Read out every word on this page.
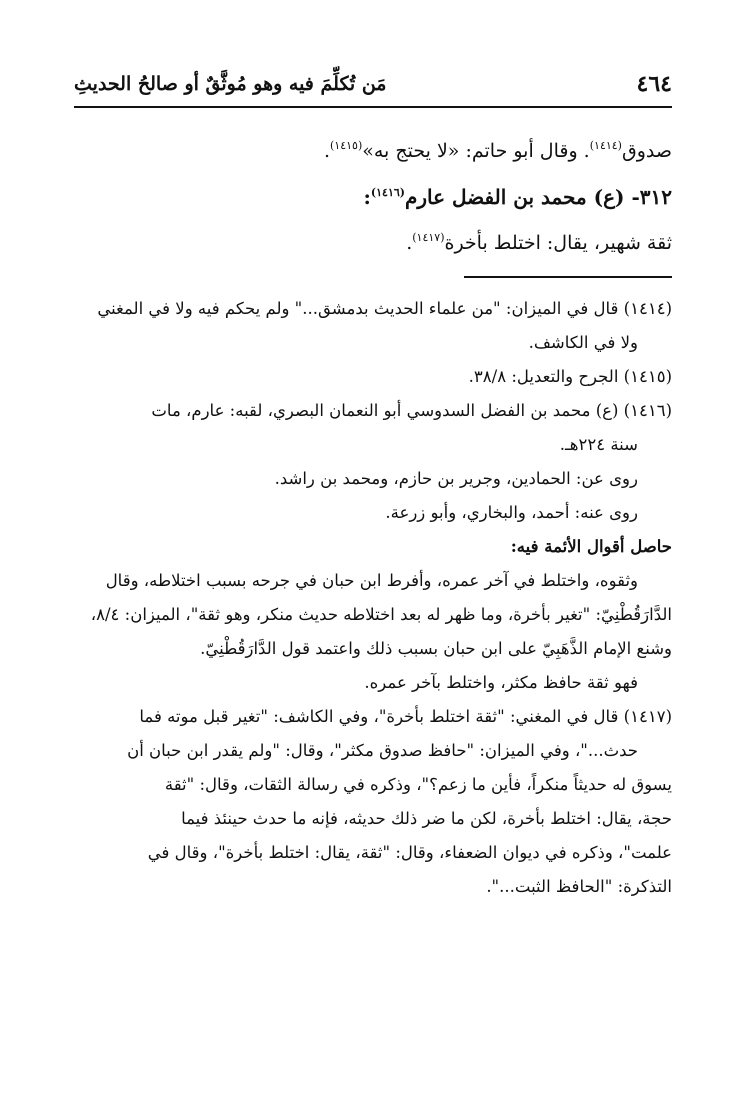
٤٦٤
مَن تُكلِّمَ فيه وهو مُوثَّقٌ أو صالحُ الحديثِ

صدوق$^{(١٤١٤)}$. وقال أبو حاتم: «لا يحتج به»$^{(١٤١٥)}$.

٣١٢- (ع) محمد بن الفضل عارم$^{(١٤١٦)}$:

ثقة شهير، يقال: اختلط بأخرة$^{(١٤١٧)}$.

(١٤١٤) قال في الميزان: "من علماء الحديث بدمشق..." ولم يحكم فيه ولا في المغني

ولا في الكاشف.

(١٤١٥) الجرح والتعديل: ٣٨/٨.

(١٤١٦) (ع) محمد بن الفضل السدوسي أبو النعمان البصري، لقبه: عارم، مات

سنة ٢٢٤هـ.

روى عن: الحمادين، وجرير بن حازم، ومحمد بن راشد.

روى عنه: أحمد، والبخاري، وأبو زرعة.

حاصل أقوال الأئمة فيه:

وثقوه، واختلط في آخر عمره، وأفرط ابن حبان في جرحه بسبب اختلاطه، وقال

الدَّارَقُطْنِيّ: "تغير بأخرة، وما ظهر له بعد اختلاطه حديث منكر، وهو ثقة"، الميزان: ٨/٤،

وشنع الإمام الذَّهَبِيّ على ابن حبان بسبب ذلك واعتمد قول الدَّارَقُطْنِيّ.

فهو ثقة حافظ مكثر، واختلط بآخر عمره.

(١٤١٧) قال في المغني: "ثقة اختلط بأخرة"، وفي الكاشف: "تغير قبل موته فما

حدث..."، وفي الميزان: "حافظ صدوق مكثر"، وقال: "ولم يقدر ابن حبان أن

يسوق له حديثاً منكراً، فأين ما زعم؟"، وذكره في رسالة الثقات، وقال: "ثقة

حجة، يقال: اختلط بأخرة، لكن ما ضر ذلك حديثه، فإنه ما حدث حينئذ فيما

علمت"، وذكره في ديوان الضعفاء، وقال: "ثقة، يقال: اختلط بأخرة"، وقال في

التذكرة: "الحافظ الثبت...".
